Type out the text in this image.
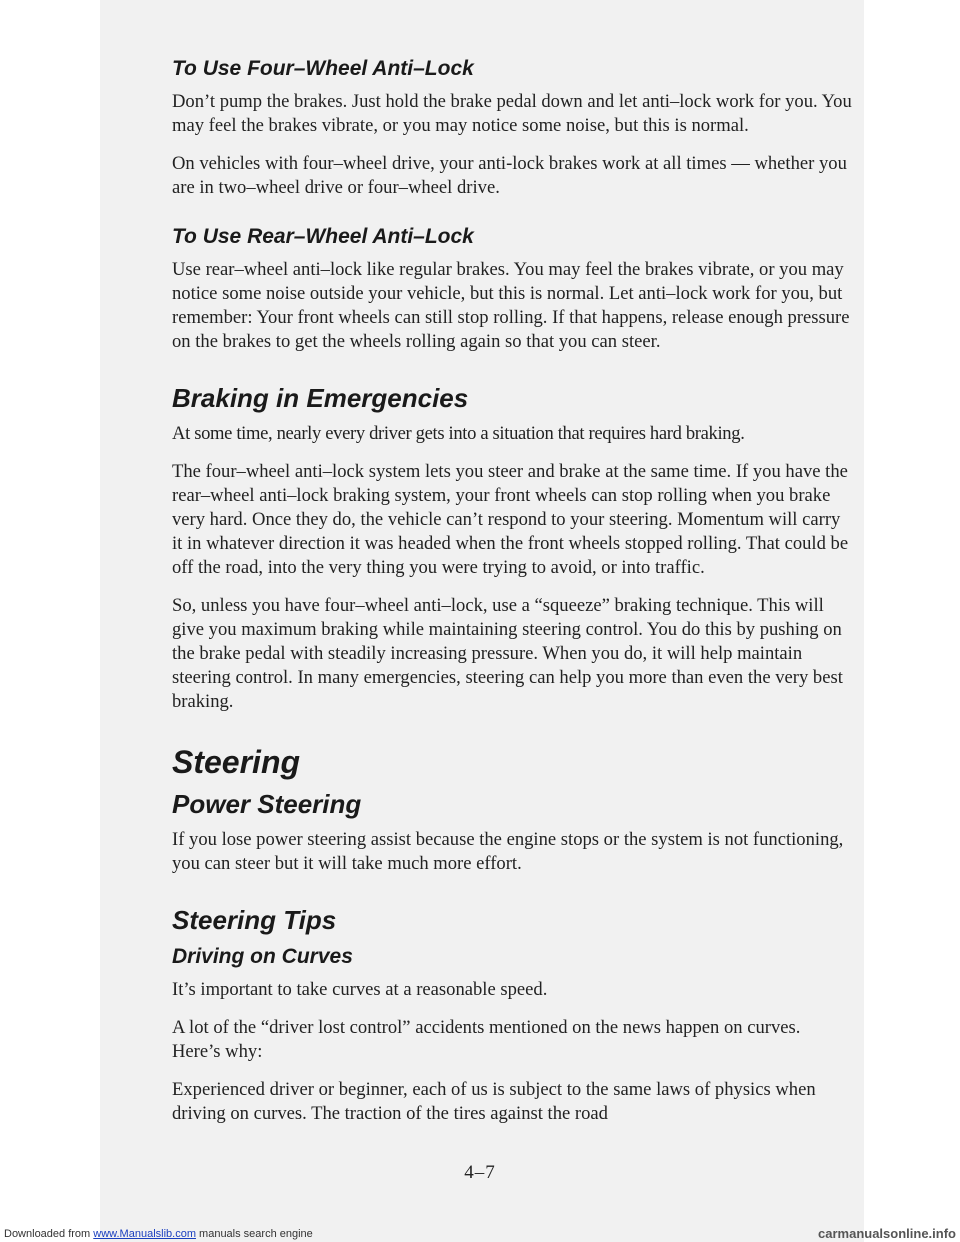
To Use Four–Wheel Anti–Lock

Don’t pump the brakes. Just hold the brake pedal down and let anti–lock work for you. You may feel the brakes vibrate, or you may notice some noise, but this is normal.

On vehicles with four–wheel drive, your anti-lock brakes work at all times — whether you are in two–wheel drive or four–wheel drive.

To Use Rear–Wheel Anti–Lock

Use rear–wheel anti–lock like regular brakes. You may feel the brakes vibrate, or you may notice some noise outside your vehicle, but this is normal. Let anti–lock work for you, but remember: Your front wheels can still stop rolling. If that happens, release enough pressure on the brakes to get the wheels rolling again so that you can steer.

Braking in Emergencies

At some time, nearly every driver gets into a situation that requires hard braking.

The four–wheel anti–lock system lets you steer and brake at the same time. If you have the rear–wheel anti–lock braking system, your front wheels can stop rolling when you brake very hard. Once they do, the vehicle can’t respond to your steering. Momentum will carry it in whatever direction it was headed when the front wheels stopped rolling. That could be off the road, into the very thing you were trying to avoid, or into traffic.

So, unless you have four–wheel anti–lock, use a “squeeze” braking technique. This will give you maximum braking while maintaining steering control. You do this by pushing on the brake pedal with steadily increasing pressure. When you do, it will help maintain steering control. In many emergencies, steering can help you more than even the very best braking.

Steering
Power Steering

If you lose power steering assist because the engine stops or the system is not functioning, you can steer but it will take much more effort.

Steering Tips
Driving on Curves

It’s important to take curves at a reasonable speed.

A lot of the “driver lost control” accidents mentioned on the news happen on curves. Here’s why:

Experienced driver or beginner, each of us is subject to the same laws of physics when driving on curves. The traction of the tires against the road

4–7
Downloaded from www.Manualslib.com manuals search engine	carmanualsonline.info
